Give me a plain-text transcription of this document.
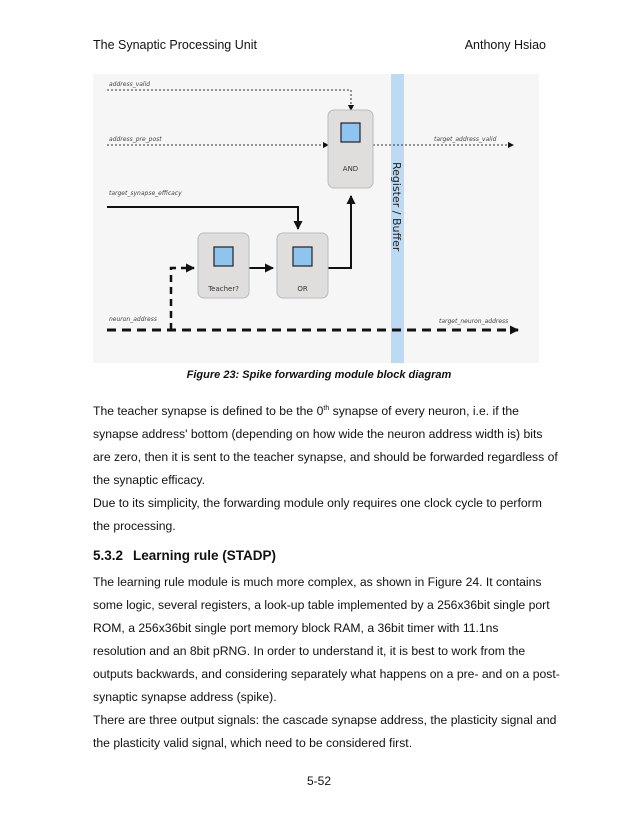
The Synaptic Processing Unit	Anthony Hsiao
Register / Buffer
AND
Teacher?	OR
address_valid
address_pre_post
target_synapse_efficacy
neuron_address
target_address_valid
target_neuron_address
Figure 23: Spike forwarding module block diagram
The teacher synapse is defined to be the 0th synapse of every neuron, i.e. if the
synapse address' bottom (depending on how wide the neuron address width is) bits
are zero, then it is sent to the teacher synapse, and should be forwarded regardless of
the synaptic efficacy.
Due to its simplicity, the forwarding module only requires one clock cycle to perform
the processing.
5.3.2 Learning rule (STADP)
The learning rule module is much more complex, as shown in Figure 24. It contains
some logic, several registers, a look-up table implemented by a 256x36bit single port
ROM, a 256x36bit single port memory block RAM, a 36bit timer with 11.1ns
resolution and an 8bit pRNG. In order to understand it, it is best to work from the
outputs backwards, and considering separately what happens on a pre- and on a post-
synaptic synapse address (spike).
There are three output signals: the cascade synapse address, the plasticity signal and
the plasticity valid signal, which need to be considered first.
5-52
